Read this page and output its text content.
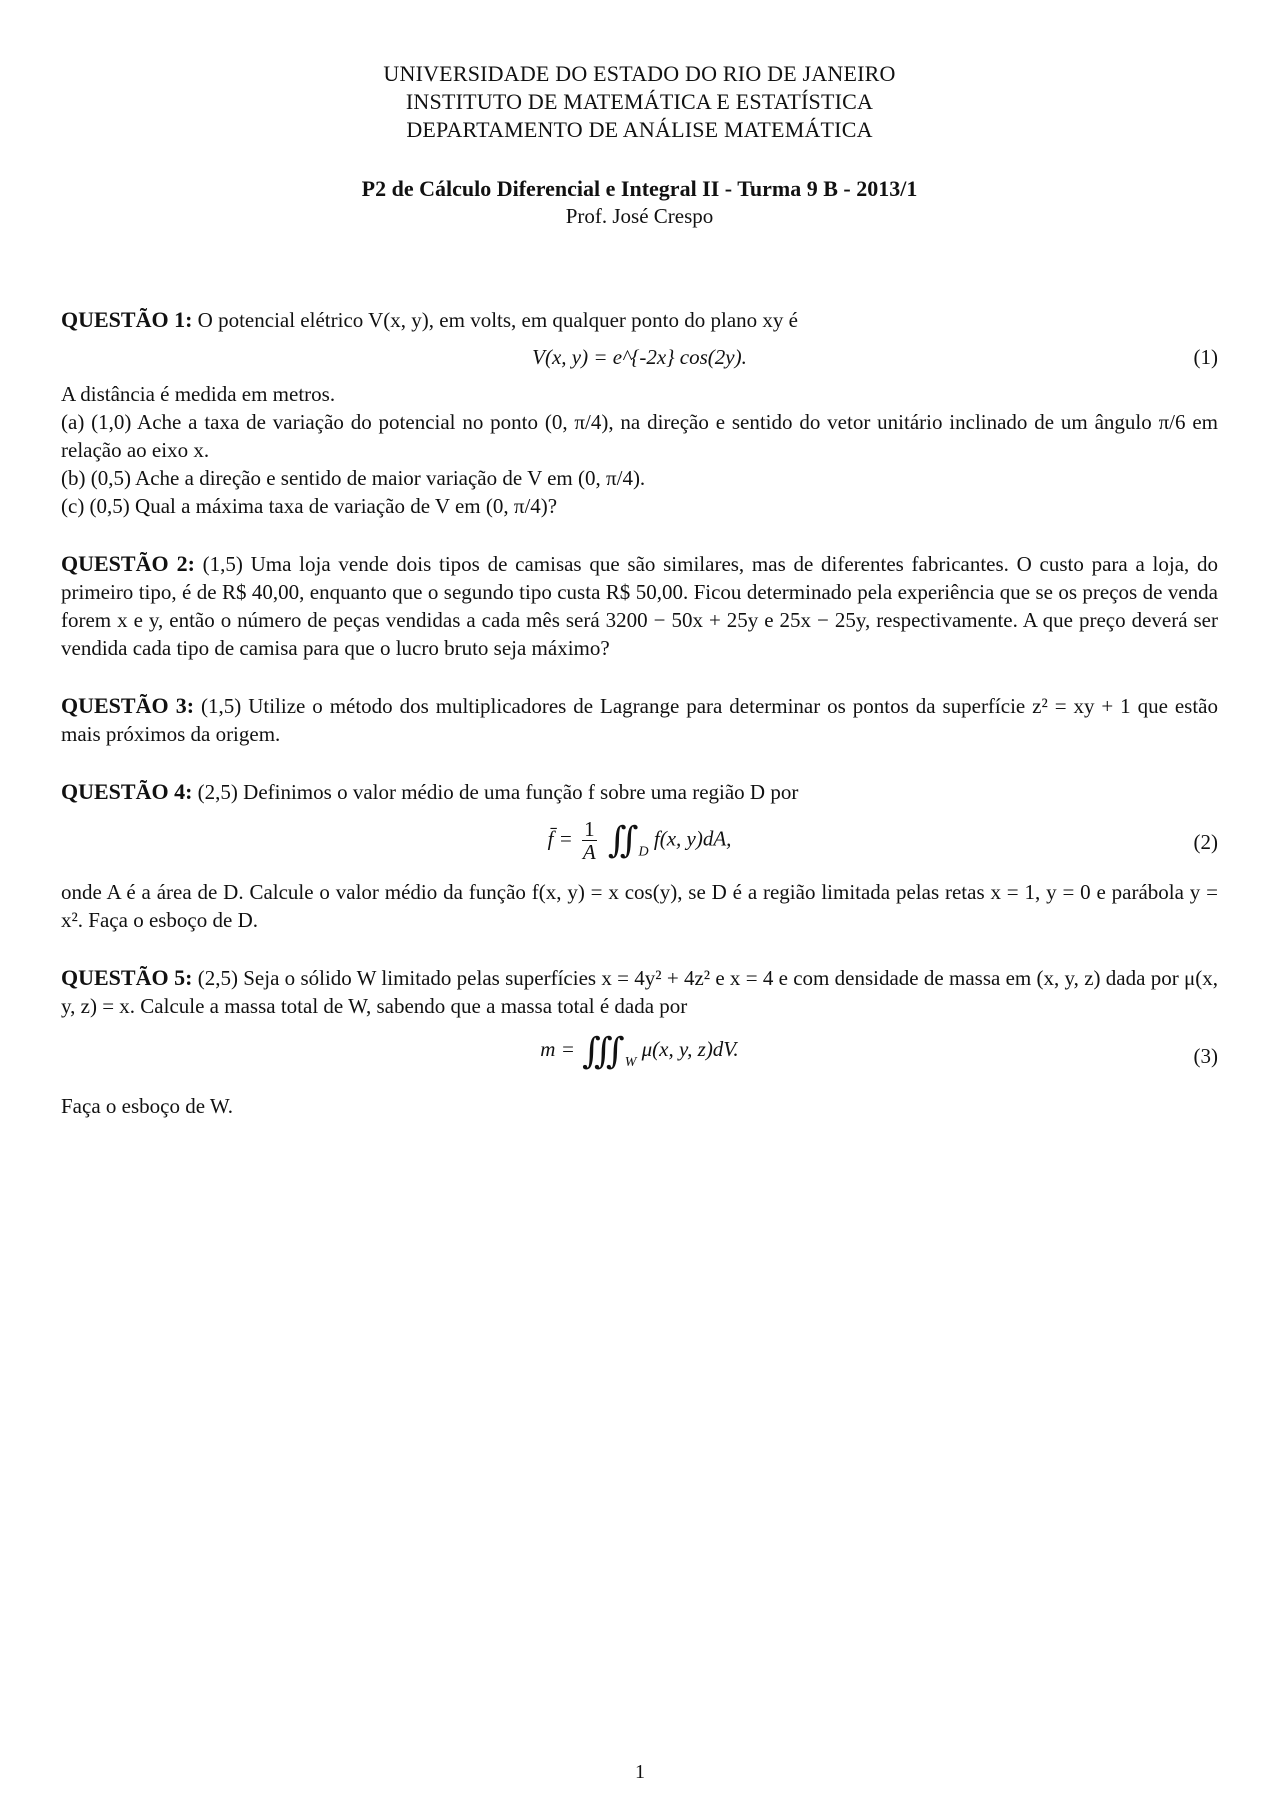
UNIVERSIDADE DO ESTADO DO RIO DE JANEIRO
INSTITUTO DE MATEMÁTICA E ESTATÍSTICA
DEPARTAMENTO DE ANÁLISE MATEMÁTICA
P2 de Cálculo Diferencial e Integral II - Turma 9 B - 2013/1
Prof. José Crespo

QUESTÃO 1: O potencial elétrico V(x, y), em volts, em qualquer ponto do plano xy é

V(x, y) = e^{-2x} cos(2y).	(1)

A distância é medida em metros.

(a) (1,0) Ache a taxa de variação do potencial no ponto (0, π/4), na direção e sentido do vetor unitário inclinado de um ângulo π/6 em relação ao eixo x.

(b) (0,5) Ache a direção e sentido de maior variação de V em (0, π/4).

(c) (0,5) Qual a máxima taxa de variação de V em (0, π/4)?

QUESTÃO 2: (1,5) Uma loja vende dois tipos de camisas que são similares, mas de diferentes fabricantes. O custo para a loja, do primeiro tipo, é de R$ 40,00, enquanto que o segundo tipo custa R$ 50,00. Ficou determinado pela experiência que se os preços de venda forem x e y, então o número de peças vendidas a cada mês será 3200 − 50x + 25y e 25x − 25y, respectivamente. A que preço deverá ser vendida cada tipo de camisa para que o lucro bruto seja máximo?

QUESTÃO 3: (1,5) Utilize o método dos multiplicadores de Lagrange para determinar os pontos da superfície z² = xy + 1 que estão mais próximos da origem.

QUESTÃO 4: (2,5) Definimos o valor médio de uma função f sobre uma região D por

f̄ = $\frac{1}{A}$ $∬_D$ f(x, y)dA,	(2)

onde A é a área de D. Calcule o valor médio da função f(x, y) = x cos(y), se D é a região limitada pelas retas x = 1, y = 0 e parábola y = x². Faça o esboço de D.

QUESTÃO 5: (2,5) Seja o sólido W limitado pelas superfícies x = 4y² + 4z² e x = 4 e com densidade de massa em (x, y, z) dada por μ(x, y, z) = x. Calcule a massa total de W, sabendo que a massa total é dada por

$m = ∭_W$ μ(x, y, z)dV.	(3)

Faça o esboço de W.

1
